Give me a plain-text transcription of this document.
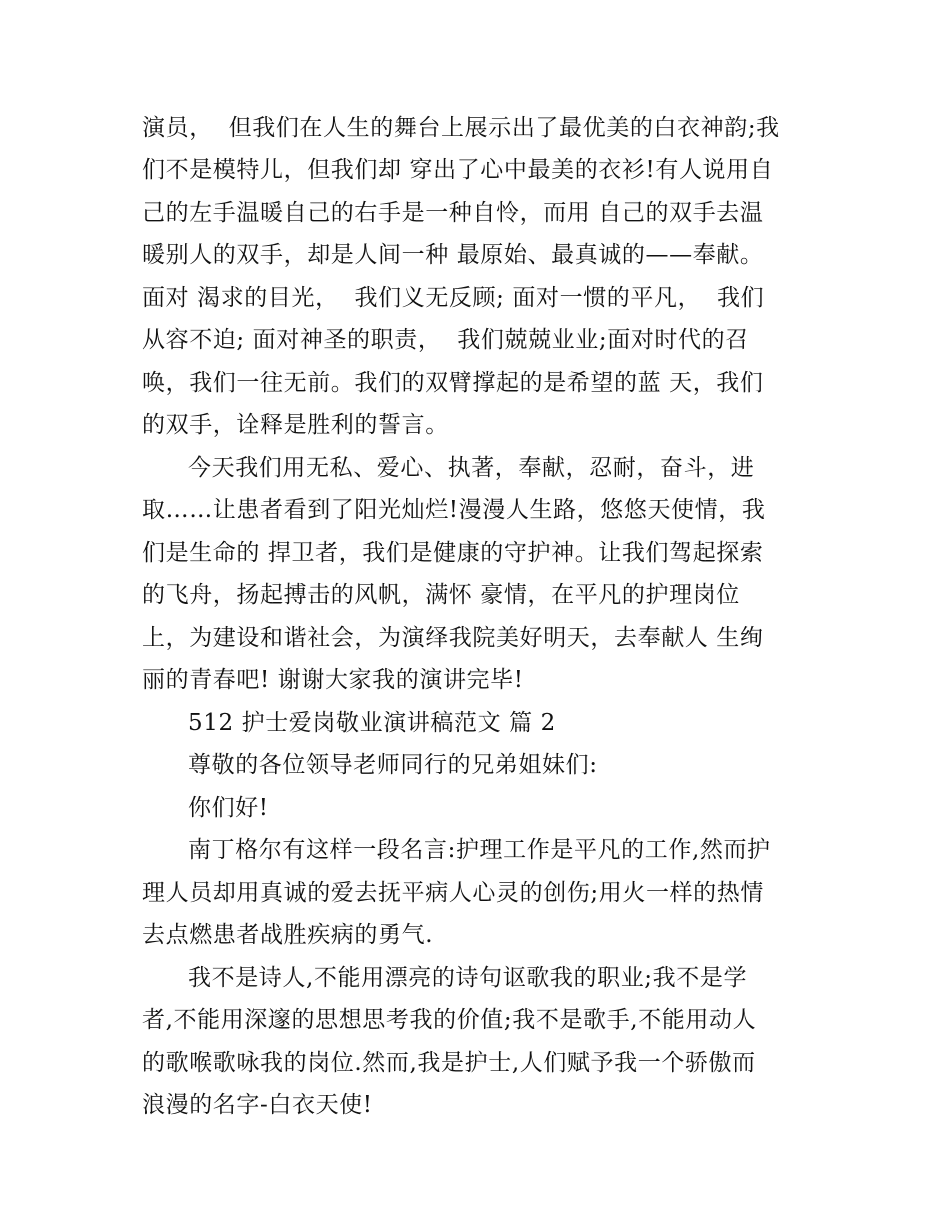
演员，  但我们在人生的舞台上展示出了最优美的白衣神韵;我
们不是模特儿，但我们却 穿出了心中最美的衣衫!有人说用自
己的左手温暖自己的右手是一种自怜，而用 自己的双手去温
暖别人的双手，却是人间一种 最原始、最真诚的——奉献。
面对 渴求的目光，  我们义无反顾; 面对一惯的平凡，  我们
从容不迫; 面对神圣的职责，  我们兢兢业业;面对时代的召
唤，我们一往无前。我们的双臂撑起的是希望的蓝 天，我们
的双手，诠释是胜利的誓言。
今天我们用无私、爱心、执著，奉献，忍耐，奋斗，进
取……让患者看到了阳光灿烂!漫漫人生路，悠悠天使情，我
们是生命的 捍卫者，我们是健康的守护神。让我们驾起探索
的飞舟，扬起搏击的风帆，满怀 豪情，在平凡的护理岗位
上，为建设和谐社会，为演绎我院美好明天，去奉献人 生绚
丽的青春吧! 谢谢大家我的演讲完毕!
512 护士爱岗敬业演讲稿范文 篇 2
尊敬的各位领导老师同行的兄弟姐妹们:
你们好!
南丁格尔有这样一段名言:护理工作是平凡的工作,然而护
理人员却用真诚的爱去抚平病人心灵的创伤;用火一样的热情
去点燃患者战胜疾病的勇气.
我不是诗人,不能用漂亮的诗句讴歌我的职业;我不是学
者,不能用深邃的思想思考我的价值;我不是歌手,不能用动人
的歌喉歌咏我的岗位.然而,我是护士,人们赋予我一个骄傲而
浪漫的名字-白衣天使!
